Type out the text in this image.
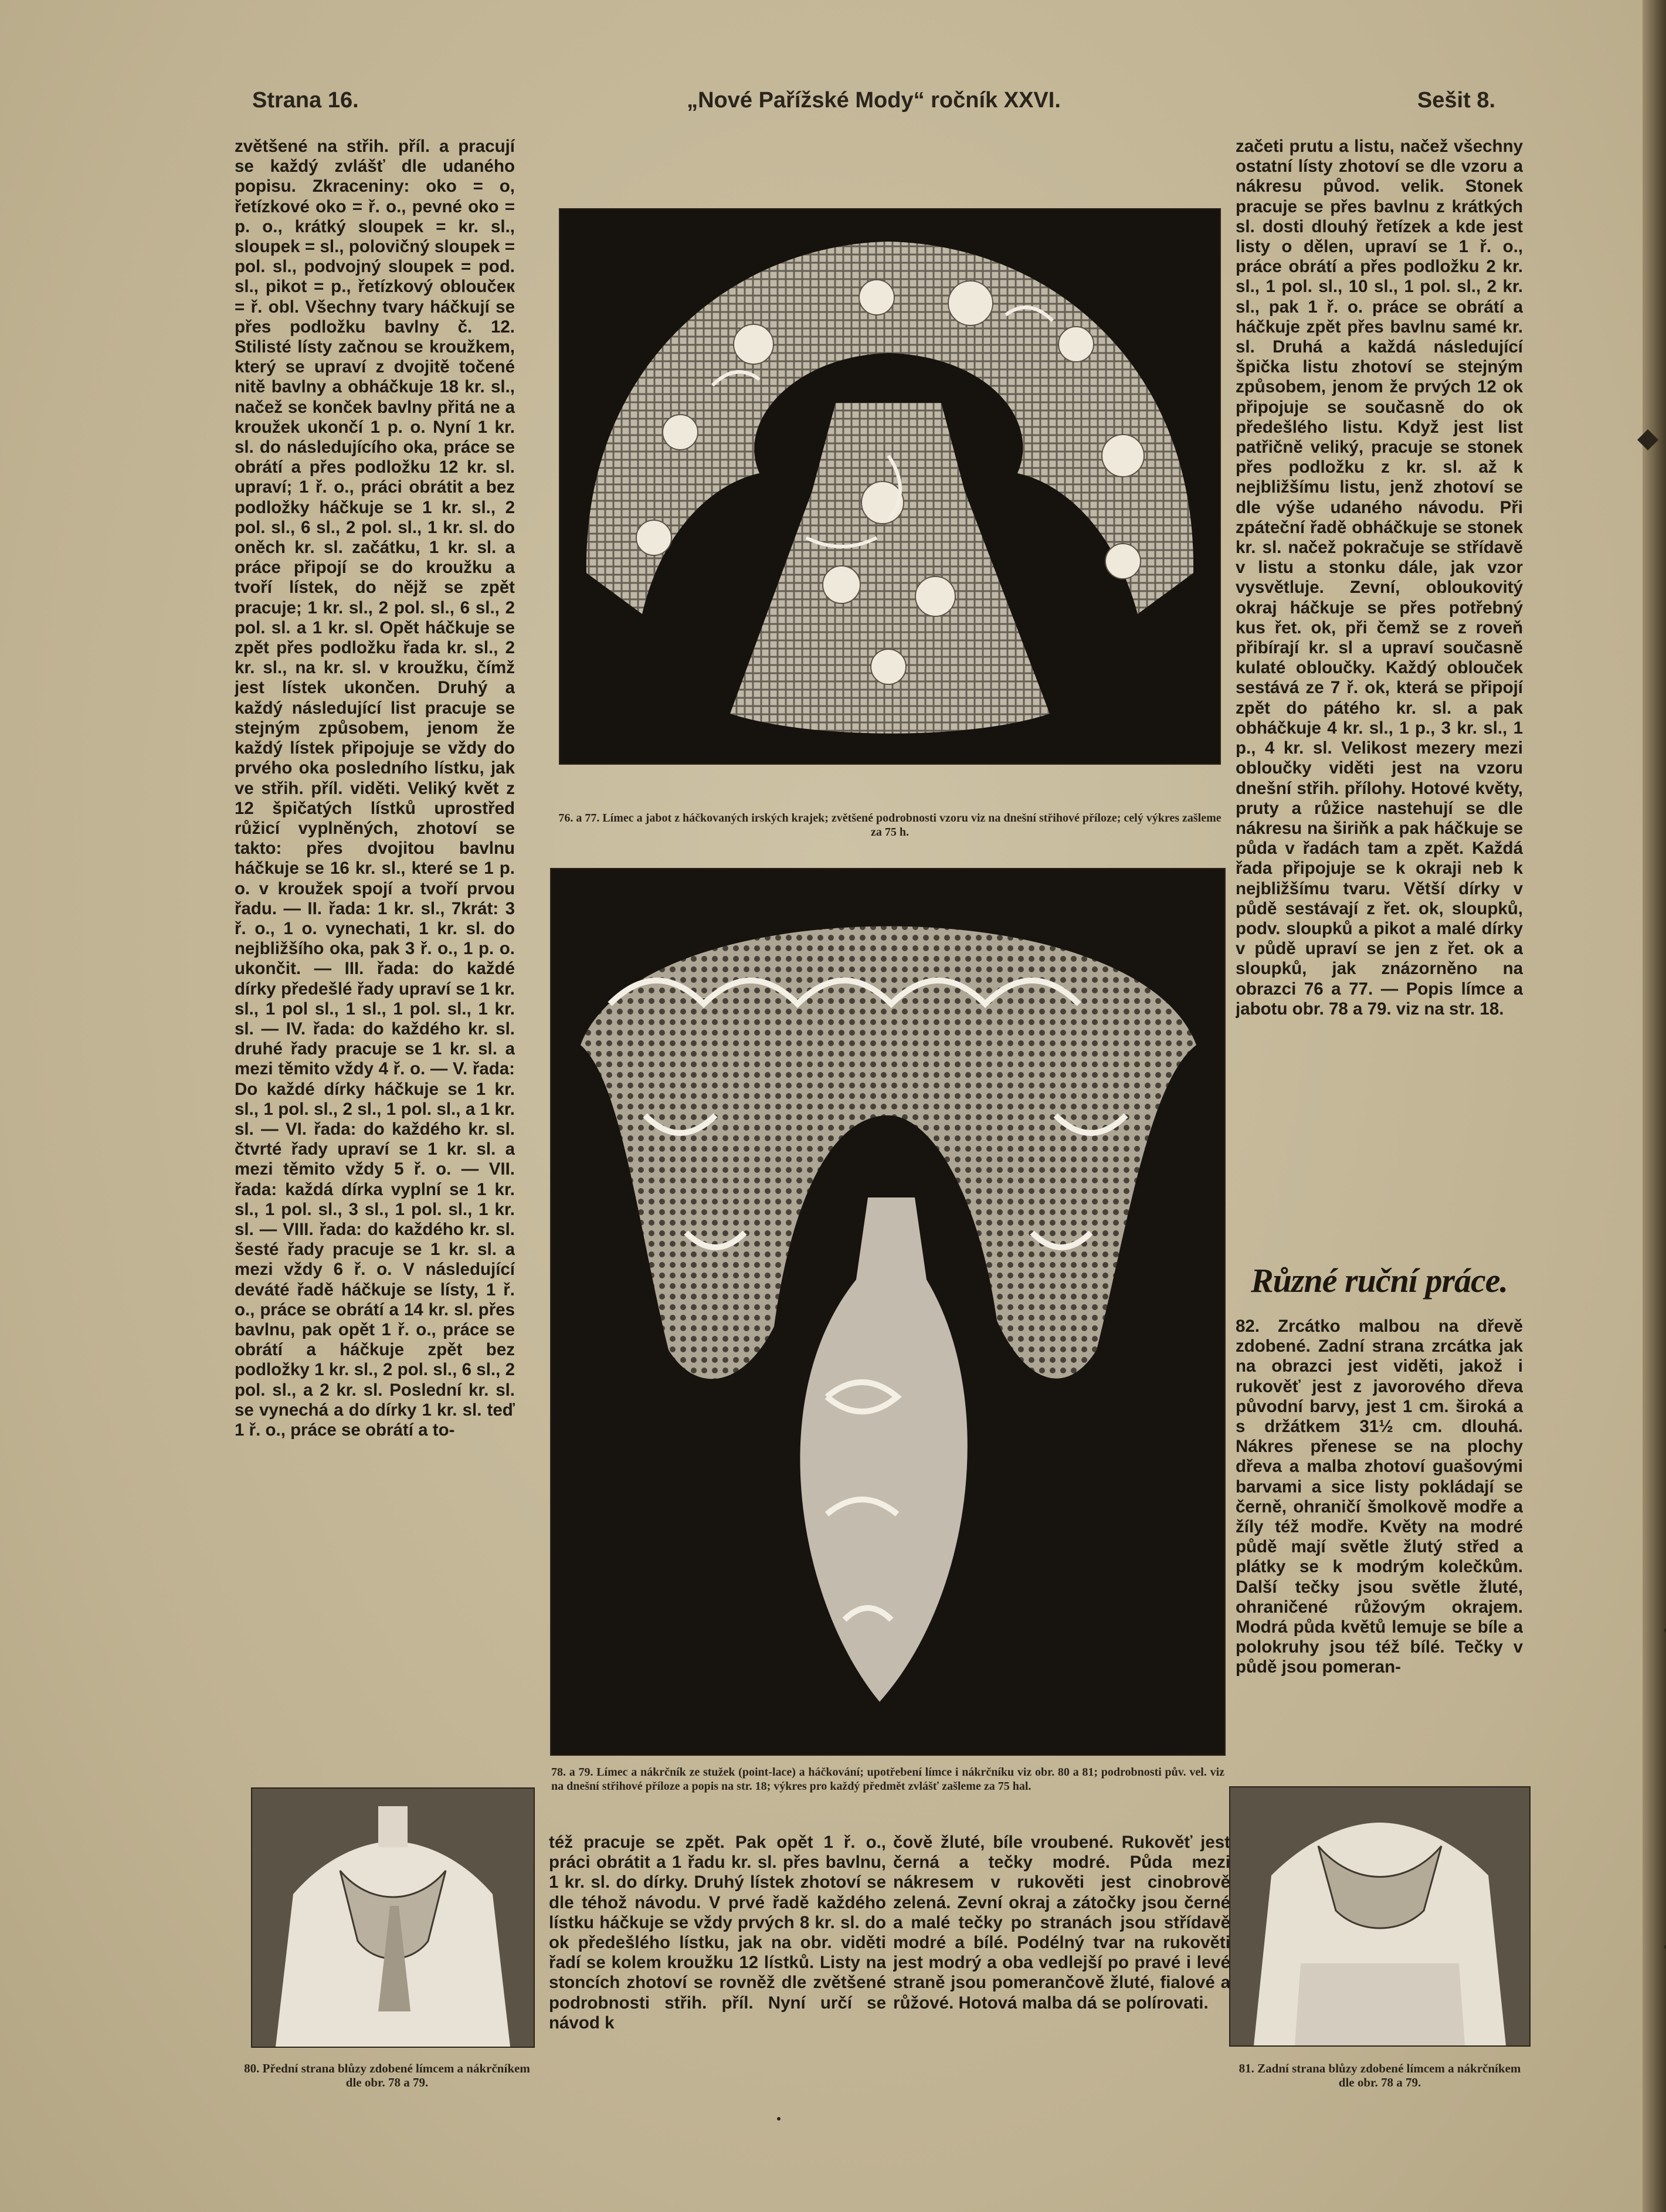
Strana 16.	„Nové Pařížské Mody“ ročník XXVI.	Sešit 8.
zvětšené na střih. příl. a pracují se každý zvlášť dle udaného popisu. Zkraceniny: oko = o, řetízkové oko = ř. o., pevné oko = p. o., krátký sloupek = kr. sl., sloupek = sl., polovičný sloupek = pol. sl., podvojný sloupek = pod. sl., pikot = p., řetízkový obloučeк = ř. obl. Všechny tvary háčkují se přes podložku bavlny č. 12. Stilisté lísty začnou se kroužkem, který se upraví z dvojitě točené nitě bavlny a obháčkuje 18 kr. sl., načež se konček bavlny přitá ne a kroužek ukončí 1 p. o. Nyní 1 kr. sl. do následujícího oka, práce se obrátí a přes podložku 12 kr. sl. upraví; 1 ř. o., práci obrátit a bez podložky háčkuje se 1 kr. sl., 2 pol. sl., 6 sl., 2 pol. sl., 1 kr. sl. do oněch kr. sl. začátku, 1 kr. sl. a práce připojí se do kroužku a tvoří lístek, do nějž se zpět pracuje; 1 kr. sl., 2 pol. sl., 6 sl., 2 pol. sl. a 1 kr. sl. Opět háčkuje se zpět přes podložku řada kr. sl., 2 kr. sl., na kr. sl. v kroužku, čímž jest lístek ukončen. Druhý a každý následující list pracuje se stejným způsobem, jenom že každý lístek připojuje se vždy do prvého oka posledního lístku, jak ve střih. příl. viděti. Veliký květ z 12 špičatých lístků uprostřed růžicí vyplněných, zhotoví se takto: přes dvojitou bavlnu háčkuje se 16 kr. sl., které se 1 p. o. v kroužek spojí a tvoří prvou řadu. — II. řada: 1 kr. sl., 7krát: 3 ř. o., 1 o. vynechati, 1 kr. sl. do nejbližšího oka, pak 3 ř. o., 1 p. o. ukončit. — III. řada: do každé dírky předešlé řady upraví se 1 kr. sl., 1 pol sl., 1 sl., 1 pol. sl., 1 kr. sl. — IV. řada: do každého kr. sl. druhé řady pracuje se 1 kr. sl. a mezi těmito vždy 4 ř. o. — V. řada: Do každé dírky háčkuje se 1 kr. sl., 1 pol. sl., 2 sl., 1 pol. sl., a 1 kr. sl. — VI. řada: do každého kr. sl. čtvrté řady upraví se 1 kr. sl. a mezi těmito vždy 5 ř. o. — VII. řada: každá dírka vyplní se 1 kr. sl., 1 pol. sl., 3 sl., 1 pol. sl., 1 kr. sl. — VIII. řada: do každého kr. sl. šesté řady pracuje se 1 kr. sl. a mezi vždy 6 ř. o. V následující deváté řadě háčkuje se lísty, 1 ř. o., práce se obrátí a 14 kr. sl. přes bavlnu, pak opět 1 ř. o., práce se obrátí a háčkuje zpět bez podložky 1 kr. sl., 2 pol. sl., 6 sl., 2 pol. sl., a 2 kr. sl. Poslední kr. sl. se vynechá a do dírky 1 kr. sl. teď 1 ř. o., práce se obrátí a to-
76. a 77. Límec a jabot z háčkovaných irských krajek; zvětšené podrobnosti vzoru viz na dnešní střihové příloze; celý výkres zašleme za 75 h.
78. a 79. Límec a nákrčník ze stužek (point-lace) a háčkování; upotřebení límce i nákrčníku viz obr. 80 a 81; podrobnosti pův. vel. viz na dnešní střihové příloze a popis na str. 18; výkres pro každý předmět zvlášť zašleme za 75 hal.
začeti prutu a listu, načež všechny ostatní lísty zhotoví se dle vzoru a nákresu původ. velik. Stonek pracuje se přes bavlnu z krátkých sl. dosti dlouhý řetízek a kde jest listy o dělen, upraví se 1 ř. o., práce obrátí a přes podložku 2 kr. sl., 1 pol. sl., 10 sl., 1 pol. sl., 2 kr. sl., pak 1 ř. o. práce se obrátí a háčkuje zpět přes bavlnu samé kr. sl. Druhá a každá následující špička listu zhotoví se stejným způsobem, jenom že prvých 12 ok připojuje se současně do ok předešlého listu. Když jest list patřičně veliký, pracuje se stonek přes podložku z kr. sl. až k nejbližšímu listu, jenž zhotoví se dle výše udaného návodu. Při zpáteční řadě obháčkuje se stonek kr. sl. načež pokračuje se střídavě v listu a stonku dále, jak vzor vysvětluje. Zevní, obloukovitý okraj háčkuje se přes potřebný kus řet. ok, při čemž se z roveň přibírají kr. sl a upraví současně kulaté obloučky. Každý oblouček sestává ze 7 ř. ok, která se připojí zpět do pátého kr. sl. a pak obháčkuje 4 kr. sl., 1 p., 3 kr. sl., 1 p., 4 kr. sl. Velikost mezery mezi obloučky viděti jest na vzoru dnešní střih. přílohy. Hotové květy, pruty a růžice nastehují se dle nákresu na širiňk a pak háčkuje se půda v řadách tam a zpět. Každá řada připojuje se k okraji neb k nejbližšímu tvaru. Větší dírky v půdě sestávají z řet. ok, sloupků, podv. sloupků a pikot a malé dírky v půdě upraví se jen z řet. ok a sloupků, jak znázorněno na obrazci 76 a 77. — Popis límce a jabotu obr. 78 a 79. viz na str. 18.
Různé ruční práce.
82. Zrcátko malbou na dřevě zdobené. Zadní strana zrcátka jak na obrazci jest viděti, jakož i rukověť jest z javorového dřeva původní barvy, jest 1 cm. široká a s držátkem 31½ cm. dlouhá. Nákres přenese se na plochy dřeva a malba zhotoví guašovými barvami a sice listy pokládají se černě, ohraničí šmolkově modře a žíly též modře. Květy na modré půdě mají světle žlutý střed a plátky se k modrým kolečkům. Další tečky jsou světle žluté, ohraničené růžovým okrajem. Modrá půda květů lemuje se bíle a polokruhy jsou též bílé. Tečky v půdě jsou pomeran-
80. Přední strana blůzy zdobené límcem a nákrčníkem dle obr. 78 a 79.
též pracuje se zpět. Pak opět 1 ř. o., práci obrátit a 1 řadu kr. sl. přes bavlnu, 1 kr. sl. do dírky. Druhý lístek zhotoví se dle téhož návodu. V prvé řadě každého lístku háčkuje se vždy prvých 8 kr. sl. do ok předešlého lístku, jak na obr. viděti řadí se kolem kroužku 12 lístků. Listy na stoncích zhotoví se rovněž dle zvětšené podrobnosti střih. příl. Nyní určí se návod k
čově žluté, bíle vroubené. Rukověť jest černá a tečky modré. Půda mezi nákresem v rukověti jest cinobrově zelená. Zevní okraj a zátočky jsou černé a malé tečky po stranách jsou střídavě modré a bílé. Podélný tvar na rukověti jest modrý a oba vedlejší po pravé i levé straně jsou pomerančově žluté, fialové a růžové. Hotová malba dá se polírovati.
81. Zadní strana blůzy zdobené límcem a nákrčníkem dle obr. 78 a 79.
